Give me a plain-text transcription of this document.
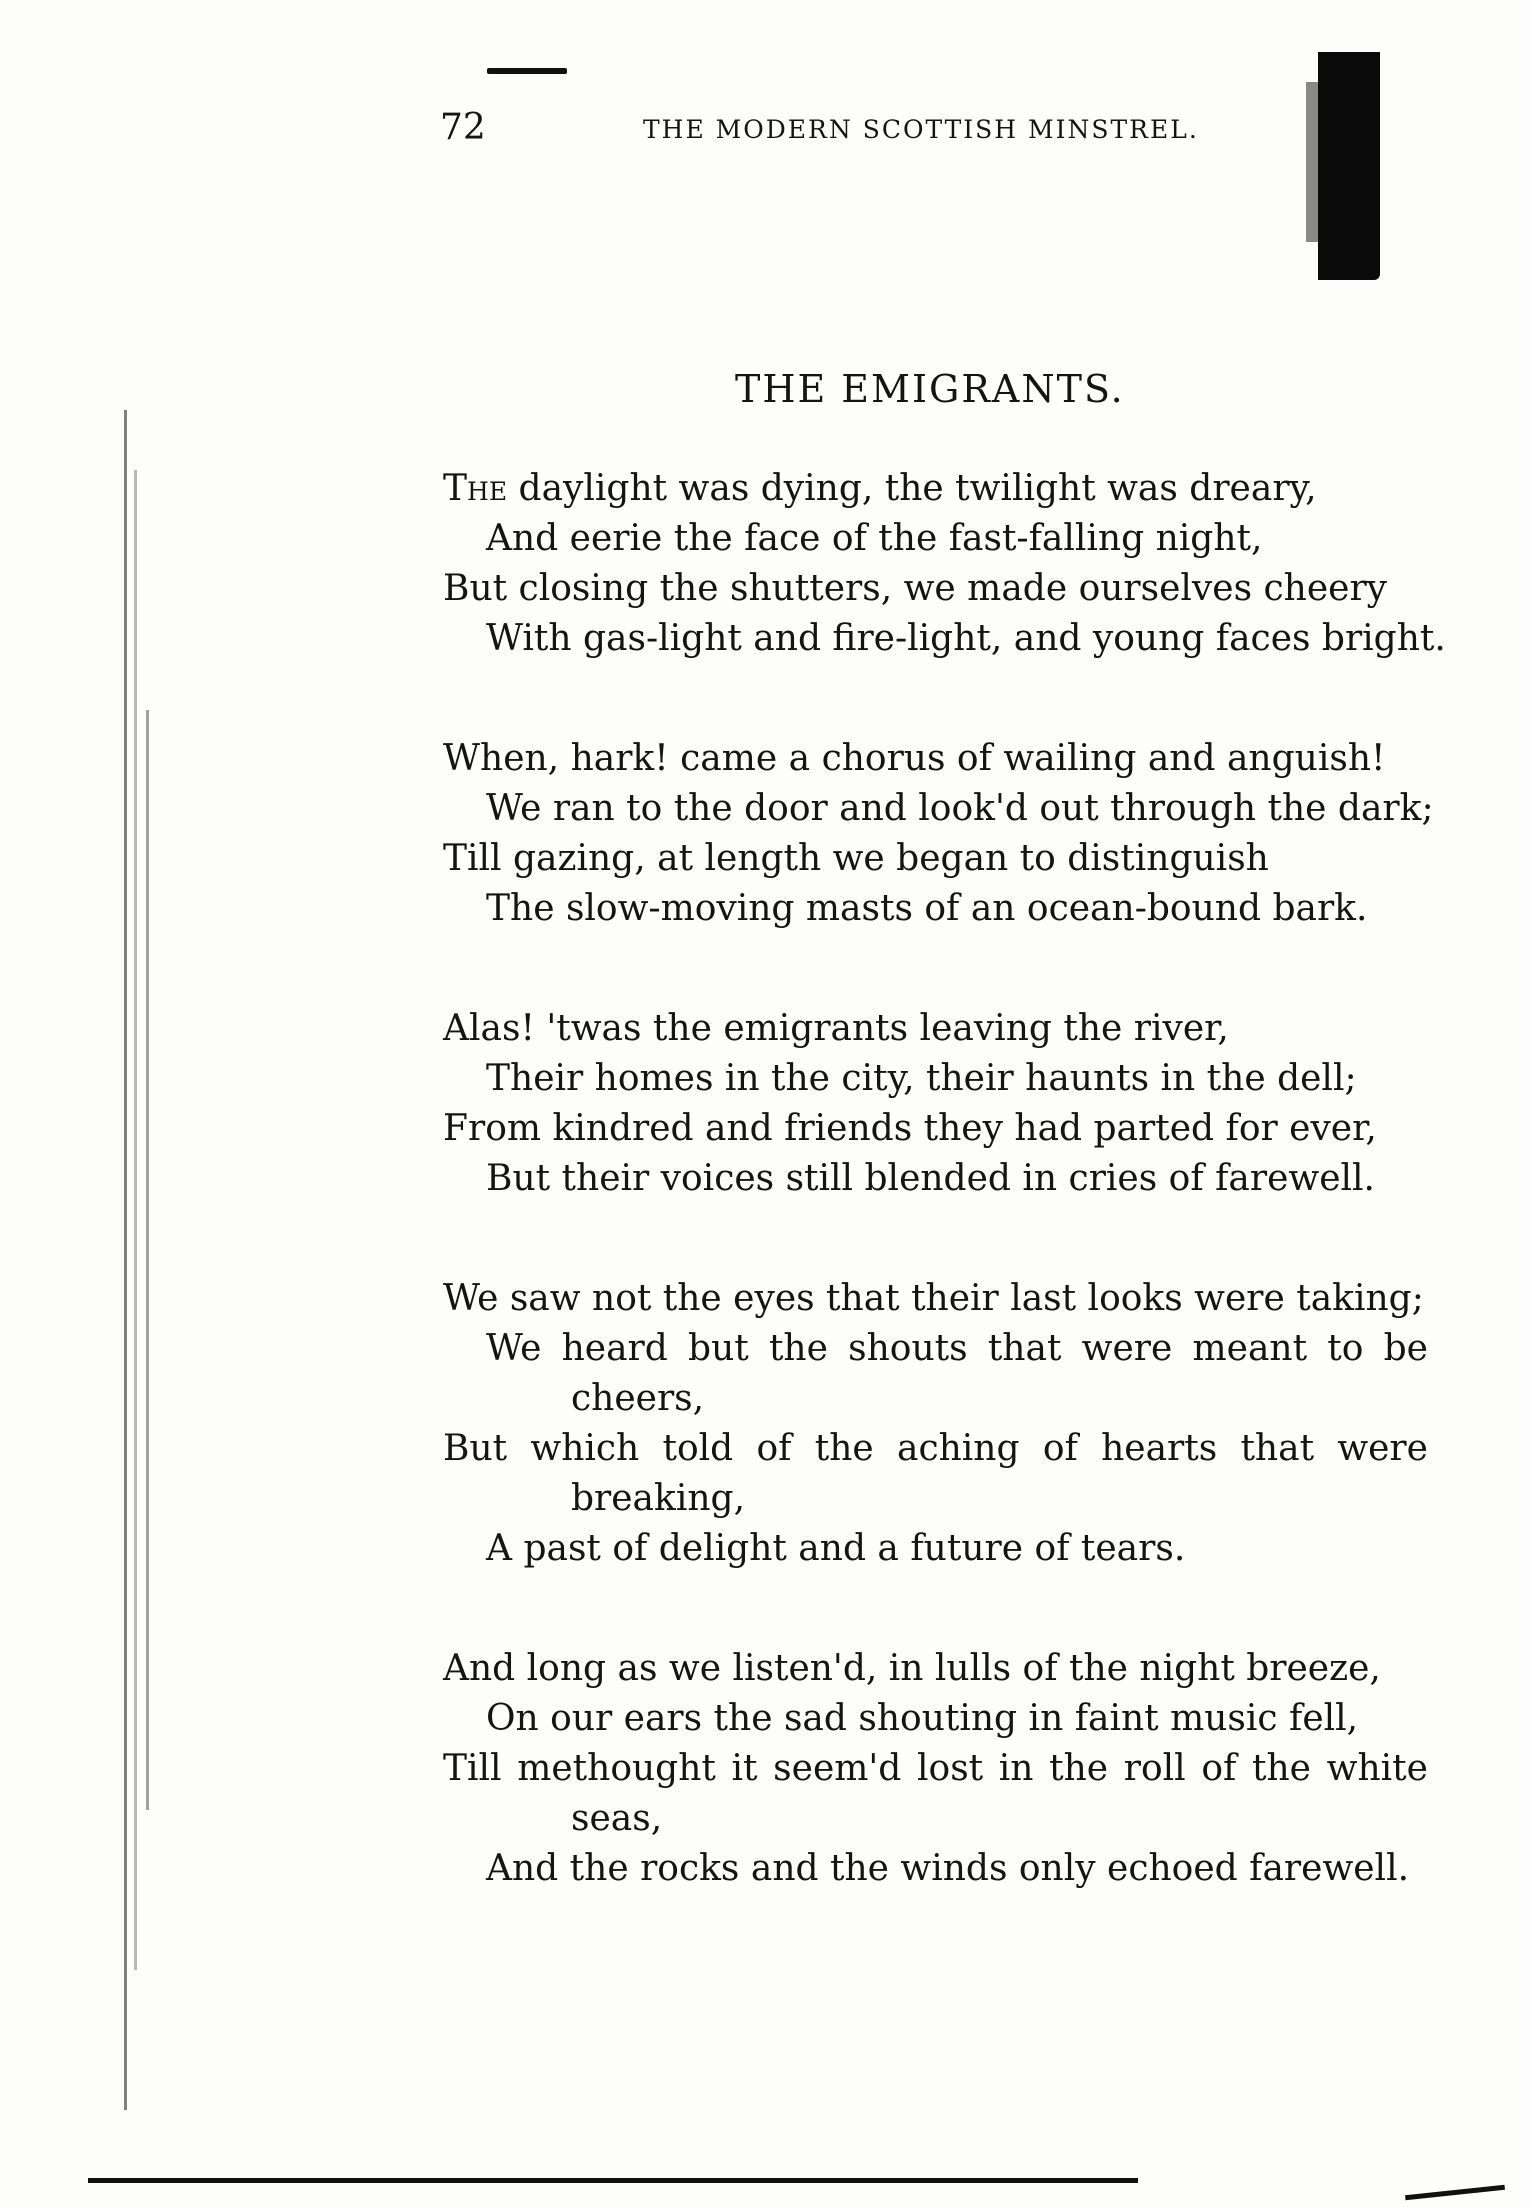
72	THE MODERN SCOTTISH MINSTREL.
THE EMIGRANTS.
The daylight was dying, the twilight was dreary,
And eerie the face of the fast-falling night,
But closing the shutters, we made ourselves cheery
With gas-light and fire-light, and young faces bright.
When, hark! came a chorus of wailing and anguish!
We ran to the door and look'd out through the dark;
Till gazing, at length we began to distinguish
The slow-moving masts of an ocean-bound bark.
Alas! 'twas the emigrants leaving the river,
Their homes in the city, their haunts in the dell;
From kindred and friends they had parted for ever,
But their voices still blended in cries of farewell.
We saw not the eyes that their last looks were taking;
We heard but the shouts that were meant to be
cheers,
But which told of the aching of hearts that were
breaking,
A past of delight and a future of tears.
And long as we listen'd, in lulls of the night breeze,
On our ears the sad shouting in faint music fell,
Till methought it seem'd lost in the roll of the white
seas,
And the rocks and the winds only echoed farewell.
